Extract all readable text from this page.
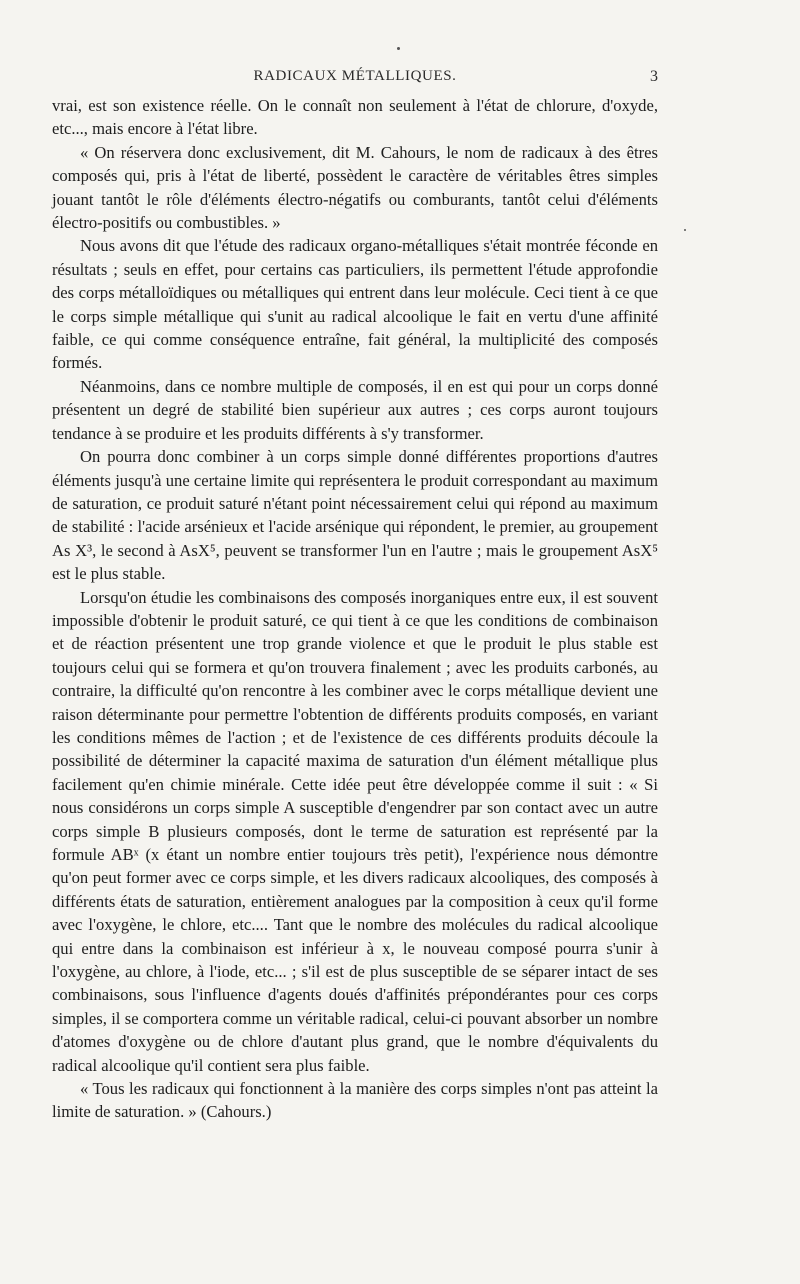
RADICAUX MÉTALLIQUES.	3

vrai, est son existence réelle. On le connaît non seulement à l'état de chlorure, d'oxyde, etc..., mais encore à l'état libre.

« On réservera donc exclusivement, dit M. Cahours, le nom de radicaux à des êtres composés qui, pris à l'état de liberté, possèdent le caractère de véritables êtres simples jouant tantôt le rôle d'éléments électro-négatifs ou comburants, tantôt celui d'éléments électro-positifs ou combustibles. »

Nous avons dit que l'étude des radicaux organo-métalliques s'était montrée féconde en résultats ; seuls en effet, pour certains cas particuliers, ils permettent l'étude approfondie des corps métalloïdiques ou métalliques qui entrent dans leur molécule. Ceci tient à ce que le corps simple métallique qui s'unit au radical alcoolique le fait en vertu d'une affinité faible, ce qui comme conséquence entraîne, fait général, la multiplicité des composés formés.

Néanmoins, dans ce nombre multiple de composés, il en est qui pour un corps donné présentent un degré de stabilité bien supérieur aux autres ; ces corps auront toujours tendance à se produire et les produits différents à s'y transformer.

On pourra donc combiner à un corps simple donné différentes proportions d'autres éléments jusqu'à une certaine limite qui représentera le produit correspondant au maximum de saturation, ce produit saturé n'étant point nécessairement celui qui répond au maximum de stabilité : l'acide arsénieux et l'acide arsénique qui répondent, le premier, au groupement As X³, le second à AsX⁵, peuvent se transformer l'un en l'autre ; mais le groupement AsX⁵ est le plus stable.

Lorsqu'on étudie les combinaisons des composés inorganiques entre eux, il est souvent impossible d'obtenir le produit saturé, ce qui tient à ce que les conditions de combinaison et de réaction présentent une trop grande violence et que le produit le plus stable est toujours celui qui se formera et qu'on trouvera finalement ; avec les produits carbonés, au contraire, la difficulté qu'on rencontre à les combiner avec le corps métallique devient une raison déterminante pour permettre l'obtention de différents produits composés, en variant les conditions mêmes de l'action ; et de l'existence de ces différents produits découle la possibilité de déterminer la capacité maxima de saturation d'un élément métallique plus facilement qu'en chimie minérale. Cette idée peut être développée comme il suit : « Si nous considérons un corps simple A susceptible d'engendrer par son contact avec un autre corps simple B plusieurs composés, dont le terme de saturation est représenté par la formule ABˣ (x étant un nombre entier toujours très petit), l'expérience nous démontre qu'on peut former avec ce corps simple, et les divers radicaux alcooliques, des composés à différents états de saturation, entièrement analogues par la composition à ceux qu'il forme avec l'oxygène, le chlore, etc.... Tant que le nombre des molécules du radical alcoolique qui entre dans la combinaison est inférieur à x, le nouveau composé pourra s'unir à l'oxygène, au chlore, à l'iode, etc... ; s'il est de plus susceptible de se séparer intact de ses combinaisons, sous l'influence d'agents doués d'affinités prépondérantes pour ces corps simples, il se comportera comme un véritable radical, celui-ci pouvant absorber un nombre d'atomes d'oxygène ou de chlore d'autant plus grand, que le nombre d'équivalents du radical alcoolique qu'il contient sera plus faible.

« Tous les radicaux qui fonctionnent à la manière des corps simples n'ont pas atteint la limite de saturation. » (Cahours.)
